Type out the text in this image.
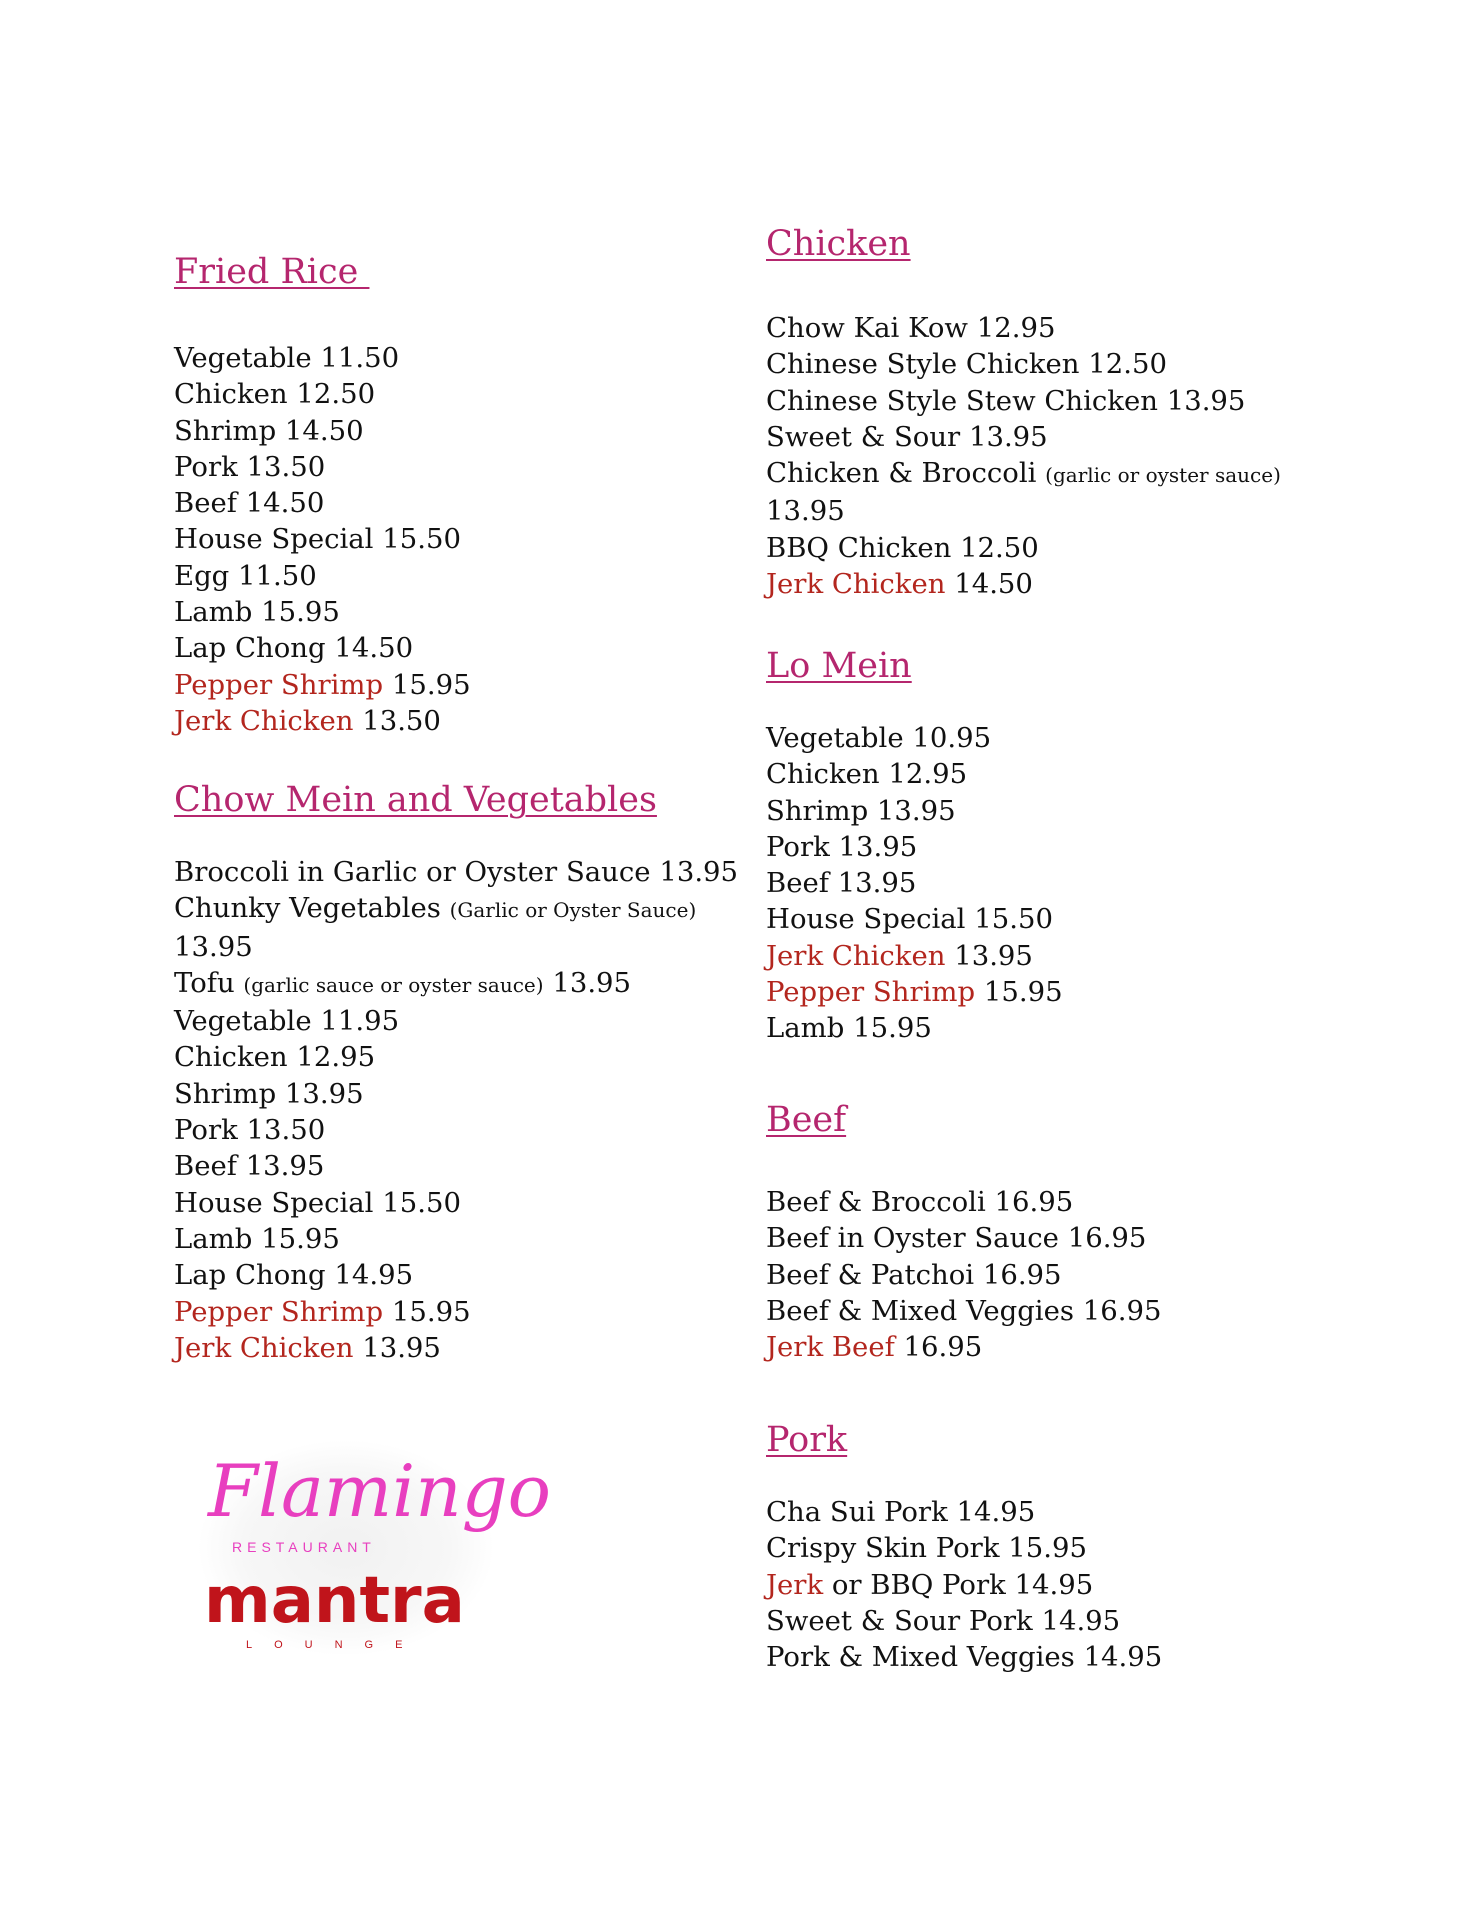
Fried Rice
Vegetable 11.50
Chicken 12.50
Shrimp 14.50
Pork 13.50
Beef 14.50
House Special 15.50
Egg 11.50
Lamb 15.95
Lap Chong 14.50
Pepper Shrimp 15.95
Jerk Chicken 13.50
Chow Mein and Vegetables
Broccoli in Garlic or Oyster Sauce 13.95
Chunky Vegetables (Garlic or Oyster Sauce)
13.95
Tofu (garlic sauce or oyster sauce) 13.95
Vegetable 11.95
Chicken 12.95
Shrimp 13.95
Pork 13.50
Beef 13.95
House Special 15.50
Lamb 15.95
Lap Chong 14.95
Pepper Shrimp 15.95
Jerk Chicken 13.95
Flamingo
RESTAURANT
mantra
LOUNGE
Chicken
Chow Kai Kow 12.95
Chinese Style Chicken 12.50
Chinese Style Stew Chicken 13.95
Sweet & Sour 13.95
Chicken & Broccoli (garlic or oyster sauce)
13.95
BBQ Chicken 12.50
Jerk Chicken 14.50
Lo Mein
Vegetable 10.95
Chicken 12.95
Shrimp 13.95
Pork 13.95
Beef 13.95
House Special 15.50
Jerk Chicken 13.95
Pepper Shrimp 15.95
Lamb 15.95
Beef
Beef & Broccoli 16.95
Beef in Oyster Sauce 16.95
Beef & Patchoi 16.95
Beef & Mixed Veggies 16.95
Jerk Beef 16.95
Pork
Cha Sui Pork 14.95
Crispy Skin Pork 15.95
Jerk or BBQ Pork 14.95
Sweet & Sour Pork 14.95
Pork & Mixed Veggies 14.95
